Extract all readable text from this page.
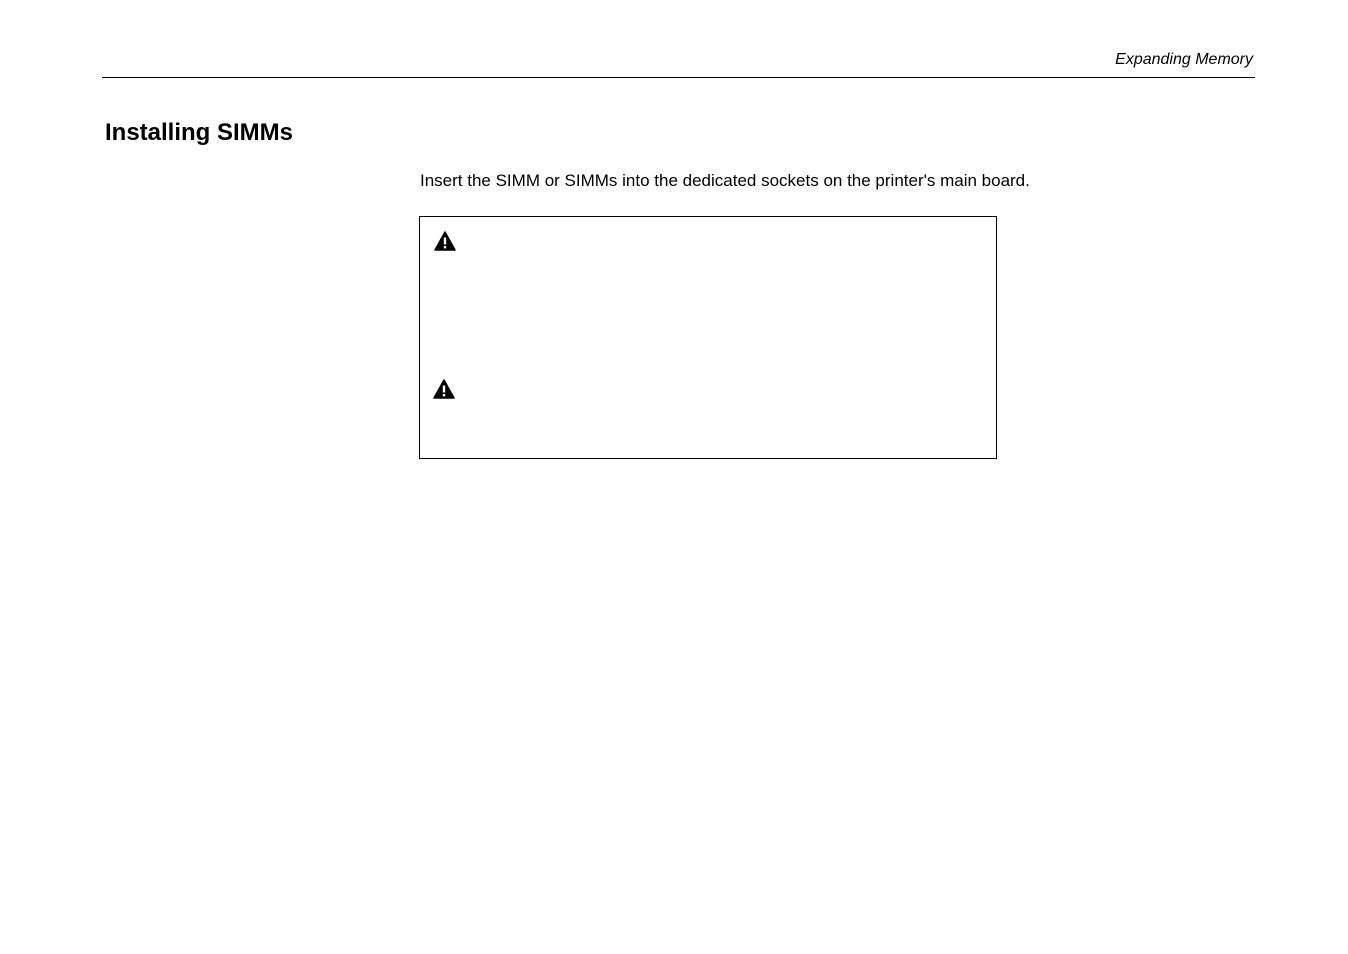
Expanding Memory
Installing SIMMs

Insert the SIMM or SIMMs into the dedicated sockets on the printer's main board.
